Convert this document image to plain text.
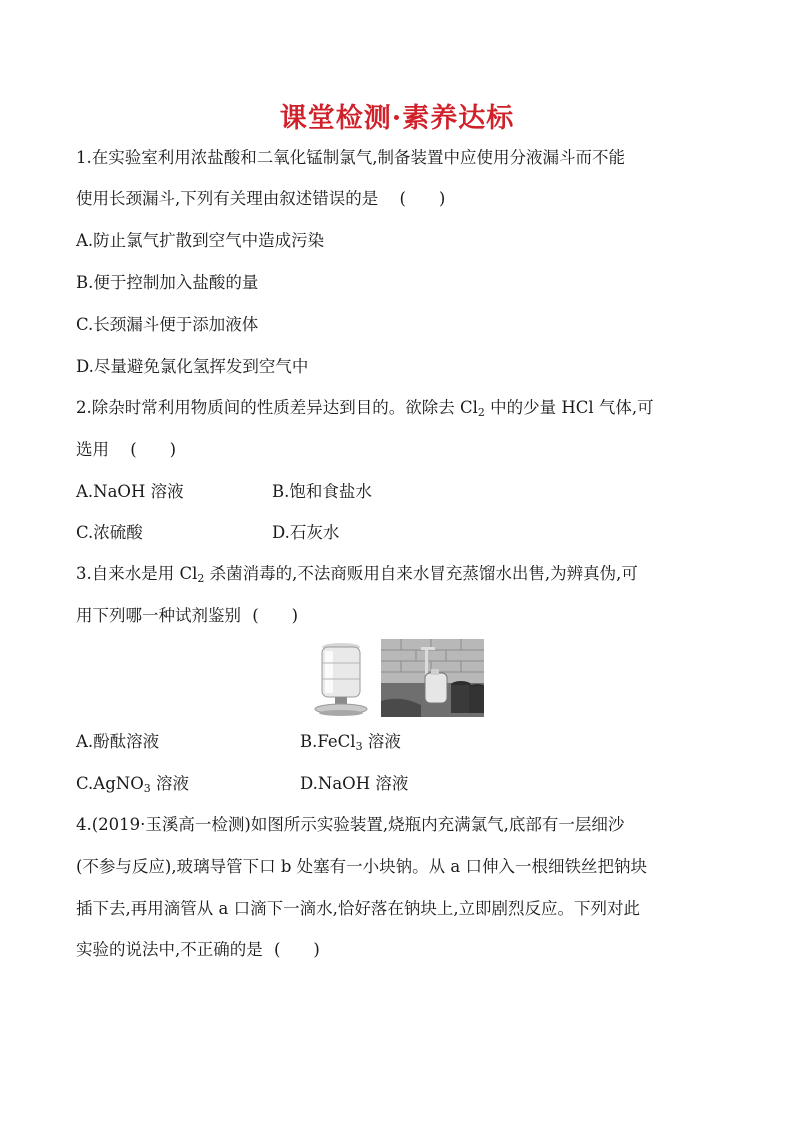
课堂检测·素养达标
1.在实验室利用浓盐酸和二氧化锰制氯气,制备装置中应使用分液漏斗而不能
使用长颈漏斗,下列有关理由叙述错误的是 (　　)
A.防止氯气扩散到空气中造成污染
B.便于控制加入盐酸的量
C.长颈漏斗便于添加液体
D.尽量避免氯化氢挥发到空气中
2.除杂时常利用物质间的性质差异达到目的。欲除去 $Cl_2$ 中的少量 HCl 气体,可
选用 (　　)
A.NaOH 溶液	B.饱和食盐水
C.浓硫酸	D.石灰水
3.自来水是用 $Cl_2$ 杀菌消毒的,不法商贩用自来水冒充蒸馏水出售,为辨真伪,可
用下列哪一种试剂鉴别 (　　)
A.酚酞溶液	B.FeCl$_3$ 溶液
C.AgNO$_3$ 溶液	D.NaOH 溶液
4.(2019·玉溪高一检测)如图所示实验装置,烧瓶内充满氯气,底部有一层细沙
(不参与反应),玻璃导管下口 b 处塞有一小块钠。从 a 口伸入一根细铁丝把钠块
插下去,再用滴管从 a 口滴下一滴水,恰好落在钠块上,立即剧烈反应。下列对此
实验的说法中,不正确的是 (　　)
